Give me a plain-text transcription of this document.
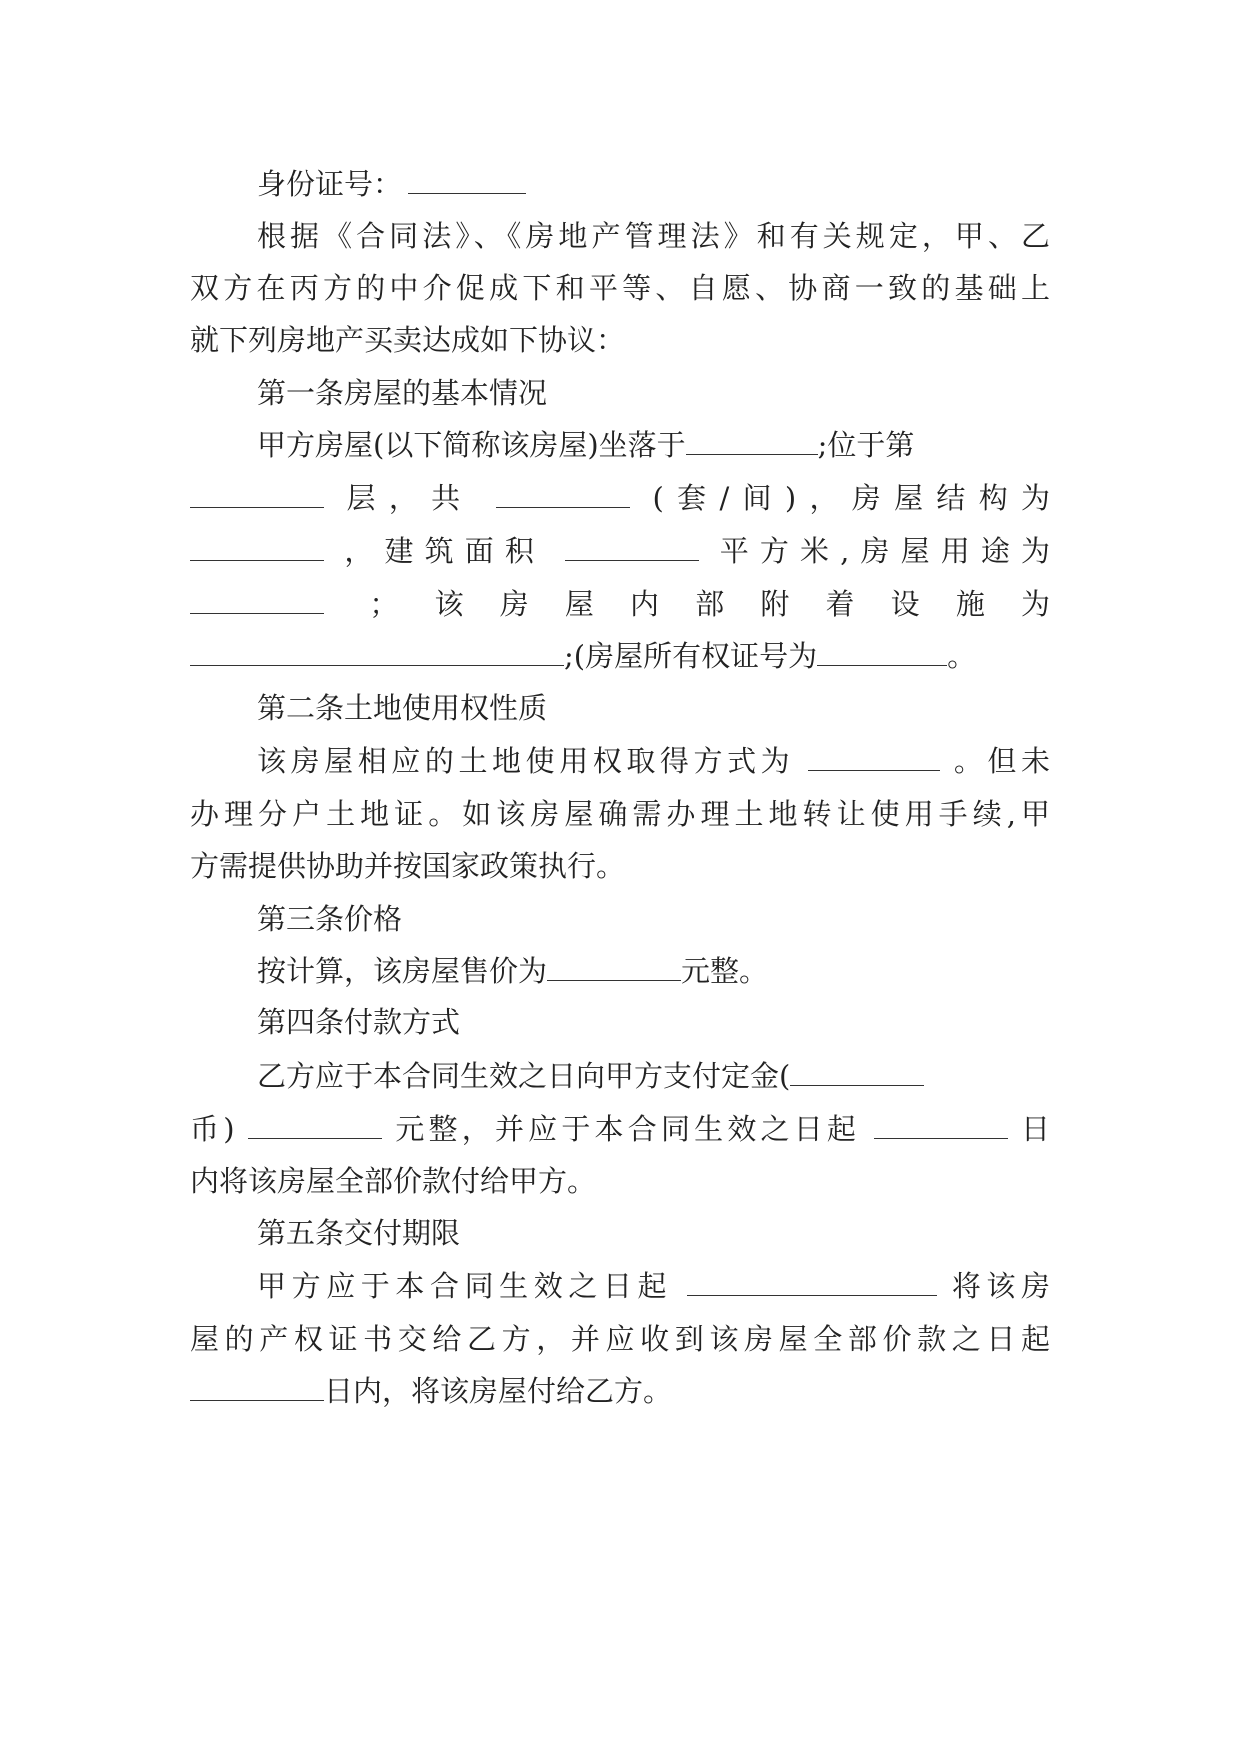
身份证号：
根据《合同法》、《房地产管理法》和有关规定，甲、乙
双方在丙方的中介促成下和平等、自愿、协商一致的基础上
就下列房地产买卖达成如下协议：
第一条房屋的基本情况
甲方房屋(以下简称该房屋)坐落于	;位于第
层，共	(套/间)，房屋结构为
，建筑面积	平方米,房屋用途为
；该房屋内部附着设施为
;(房屋所有权证号为	。
第二条土地使用权性质
该房屋相应的土地使用权取得方式为	。但未
办理分户土地证。如该房屋确需办理土地转让使用手续,甲
方需提供协助并按国家政策执行。
第三条价格
按计算，该房屋售价为	元整。
第四条付款方式
乙方应于本合同生效之日向甲方支付定金(
币)	元整，并应于本合同生效之日起	日
内将该房屋全部价款付给甲方。
第五条交付期限
甲方应于本合同生效之日起	将该房
屋的产权证书交给乙方，并应收到该房屋全部价款之日起
日内，将该房屋付给乙方。
